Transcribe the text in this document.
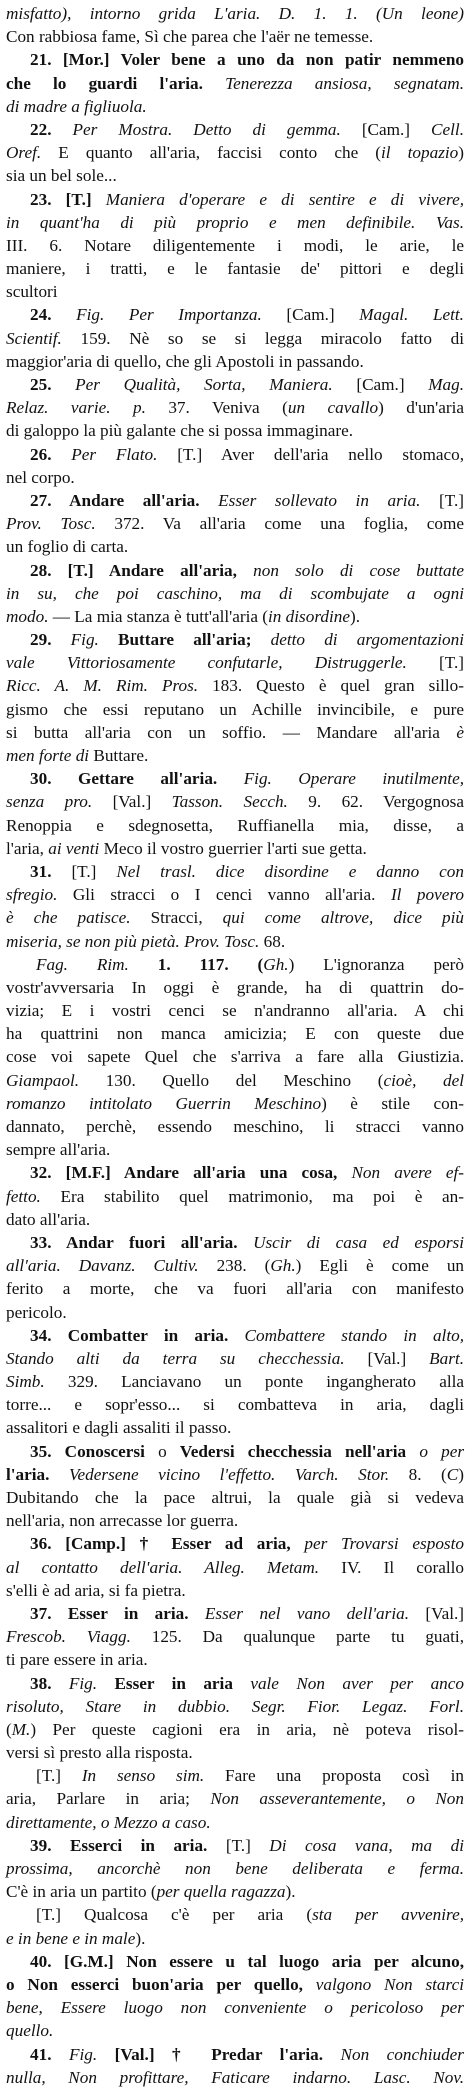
misfatto), intorno grida L'aria. D. 1. 1. (Un leone)
Con rabbiosa fame, Sì che parea che l'aër ne temesse.
21. [Mor.] Voler bene a uno da non patir nemmeno
che lo guardi l'aria. Tenerezza ansiosa, segnatam.
di madre a figliuola.
22. Per Mostra. Detto di gemma. [Cam.] Cell.
Oref. E quanto all'aria, faccisi conto che (il topazio)
sia un bel sole...
23. [T.] Maniera d'operare e di sentire e di vivere,
in quant'ha di più proprio e men definibile. Vas.
III. 6. Notare diligentemente i modi, le arie, le
maniere, i tratti, e le fantasie de' pittori e degli
scultori
24. Fig. Per Importanza. [Cam.] Magal. Lett.
Scientif. 159. Nè so se si legga miracolo fatto di
maggior'aria di quello, che gli Apostoli in passando.
25. Per Qualità, Sorta, Maniera. [Cam.] Mag.
Relaz. varie. p. 37. Veniva (un cavallo) d'un'aria
di galoppo la più galante che si possa immaginare.
26. Per Flato. [T.] Aver dell'aria nello stomaco,
nel corpo.
27. Andare all'aria. Esser sollevato in aria. [T.]
Prov. Tosc. 372. Va all'aria come una foglia, come
un foglio di carta.
28. [T.] Andare all'aria, non solo di cose buttate
in su, che poi caschino, ma di scombujate a ogni
modo. — La mia stanza è tutt'all'aria (in disordine).
29. Fig. Buttare all'aria; detto di argomentazioni
vale Vittoriosamente confutarle, Distruggerle. [T.]
Ricc. A. M. Rim. Pros. 183. Questo è quel gran sillo-
gismo che essi reputano un Achille invincibile, e pure
si butta all'aria con un soffio. — Mandare all'aria è
men forte di Buttare.
30. Gettare all'aria. Fig. Operare inutilmente,
senza pro. [Val.] Tasson. Secch. 9. 62. Vergognosa
Renoppia e sdegnosetta, Ruffianella mia, disse, a
l'aria, ai venti Meco il vostro guerrier l'arti sue getta.
31. [T.] Nel trasl. dice disordine e danno con
sfregio. Gli stracci o I cenci vanno all'aria. Il povero
è che patisce. Stracci, qui come altrove, dice più
miseria, se non più pietà. Prov. Tosc. 68.
Fag. Rim. 1. 117. (Gh.) L'ignoranza però
vostr'avversaria In oggi è grande, ha di quattrin do-
vizia; E i vostri cenci se n'andranno all'aria. A chi
ha quattrini non manca amicizia; E con queste due
cose voi sapete Quel che s'arriva a fare alla Giustizia.
Giampaol. 130. Quello del Meschino (cioè, del
romanzo intitolato Guerrin Meschino) è stile con-
dannato, perchè, essendo meschino, li stracci vanno
sempre all'aria.
32. [M.F.] Andare all'aria una cosa, Non avere ef-
fetto. Era stabilito quel matrimonio, ma poi è an-
dato all'aria.
33. Andar fuori all'aria. Uscir di casa ed esporsi
all'aria. Davanz. Cultiv. 238. (Gh.) Egli è come un
ferito a morte, che va fuori all'aria con manifesto
pericolo.
34. Combatter in aria. Combattere stando in alto,
Stando alti da terra su checchessia. [Val.] Bart.
Simb. 329. Lanciavano un ponte ingangherato alla
torre... e sopr'esso... si combatteva in aria, dagli
assalitori e dagli assaliti il passo.
35. Conoscersi o Vedersi checchessia nell'aria o per
l'aria. Vedersene vicino l'effetto. Varch. Stor. 8. (C)
Dubitando che la pace altrui, la quale già si vedeva
nell'aria, non arrecasse lor guerra.
36. [Camp.] † Esser ad aria, per Trovarsi esposto
al contatto dell'aria. Alleg. Metam. IV. Il corallo
s'elli è ad aria, si fa pietra.
37. Esser in aria. Esser nel vano dell'aria. [Val.]
Frescob. Viagg. 125. Da qualunque parte tu guati,
ti pare essere in aria.
38. Fig. Esser in aria vale Non aver per anco
risoluto, Stare in dubbio. Segr. Fior. Legaz. Forl.
(M.) Per queste cagioni era in aria, nè poteva risol-
versi sì presto alla risposta.
[T.] In senso sim. Fare una proposta così in
aria, Parlare in aria; Non asseverantemente, o Non
direttamente, o Mezzo a caso.
39. Esserci in aria. [T.] Di cosa vana, ma di
prossima, ancorchè non bene deliberata e ferma.
C'è in aria un partito (per quella ragazza).
[T.] Qualcosa c'è per aria (sta per avvenire,
e in bene e in male).
40. [G.M.] Non essere u tal luogo aria per alcuno,
o Non esserci buon'aria per quello, valgono Non starci
bene, Essere luogo non conveniente o pericoloso per
quello.
41. Fig. [Val.] † Predar l'aria. Non conchiuder
nulla, Non profittare, Faticare indarno. Lasc. Nov.
